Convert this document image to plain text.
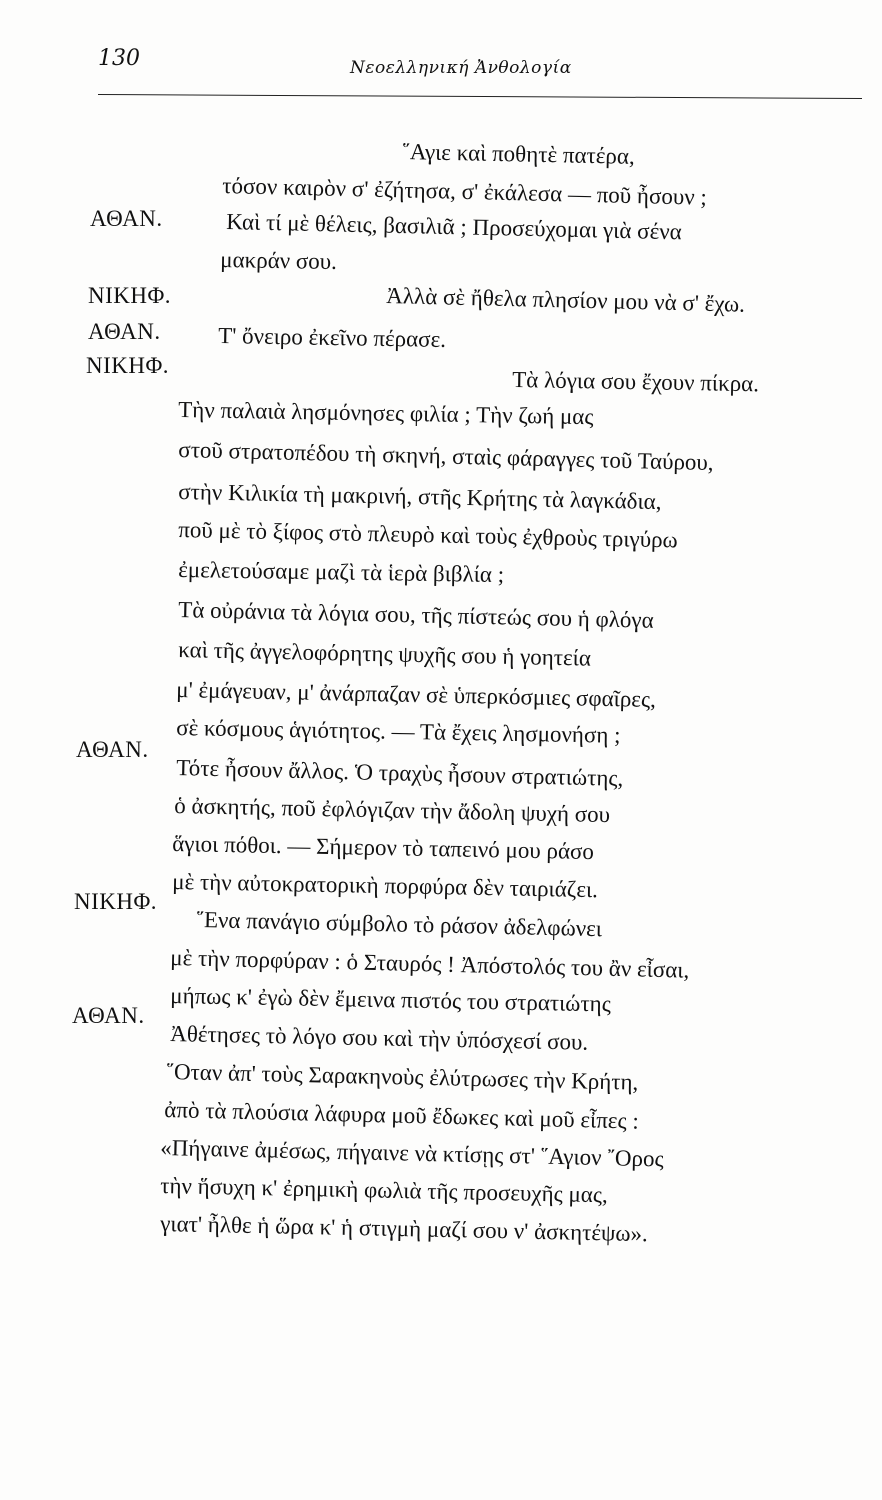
130	Νεοελληνική Ἀνθολογία
῞Αγιε καὶ ποθητὲ πατέρα,
τόσον καιρὸν σ' ἐζήτησα, σ' ἐκάλεσα — ποῦ ἦσουν ;
Καὶ τί μὲ θέλεις, βασιλιᾶ ; Προσεύχομαι γιὰ σένα
μακράν σου.
Ἀλλὰ σὲ ἤθελα πλησίον μου νὰ σ' ἔχω.
Τ' ὄνειρο ἐκεῖνο πέρασε.
Τὰ λόγια σου ἔχουν πίκρα.
Τὴν παλαιὰ λησμόνησες φιλία ; Τὴν ζωή μας
στοῦ στρατοπέδου τὴ σκηνή, σταὶς φάραγγες τοῦ Ταύρου,
στὴν Κιλικία τὴ μακρινή, στῆς Κρήτης τὰ λαγκάδια,
ποῦ μὲ τὸ ξίφος στὸ πλευρὸ καὶ τοὺς ἐχθροὺς τριγύρω
ἐμελετούσαμε μαζὶ τὰ ἱερὰ βιβλία ;
Τὰ οὐράνια τὰ λόγια σου, τῆς πίστεώς σου ἡ φλόγα
καὶ τῆς ἀγγελοφόρητης ψυχῆς σου ἡ γοητεία
μ' ἐμάγευαν, μ' ἀνάρπαζαν σὲ ὑπερκόσμιες σφαῖρες,
σὲ κόσμους ἁγιότητος. — Τὰ ἔχεις λησμονήση ;
Τότε ἦσουν ἄλλος. Ὁ τραχὺς ἦσουν στρατιώτης,
ὁ ἀσκητής, ποῦ ἐφλόγιζαν τὴν ἄδολη ψυχή σου
ἅγιοι πόθοι. — Σήμερον τὸ ταπεινό μου ράσο
μὲ τὴν αὐτοκρατορικὴ πορφύρα δὲν ταιριάζει.
῞Ενα πανάγιο σύμβολο τὸ ράσον ἀδελφώνει
μὲ τὴν πορφύραν : ὁ Σταυρός ! Ἀπόστολός του ἂν εἶσαι,
μήπως κ' ἐγὼ δὲν ἔμεινα πιστός του στρατιώτης
Ἀθέτησες τὸ λόγο σου καὶ τὴν ὑπόσχεσί σου.
῞Οταν ἀπ' τοὺς Σαρακηνοὺς ἐλύτρωσες τὴν Κρήτη,
ἀπὸ τὰ πλούσια λάφυρα μοῦ ἔδωκες καὶ μοῦ εἶπες :
«Πήγαινε ἀμέσως, πήγαινε νὰ κτίσῃς στ' ῞Αγιον ῎Ορος
τὴν ἥσυχη κ' ἐρημικὴ φωλιὰ τῆς προσευχῆς μας,
γιατ' ἦλθε ἡ ὥρα κ' ἡ στιγμὴ μαζί σου ν' ἀσκητέψω».
ΑΘΑΝ.
ΝΙΚΗΦ.
ΑΘΑΝ.
ΝΙΚΗΦ.
ΑΘΑΝ.
ΝΙΚΗΦ.
ΑΘΑΝ.
